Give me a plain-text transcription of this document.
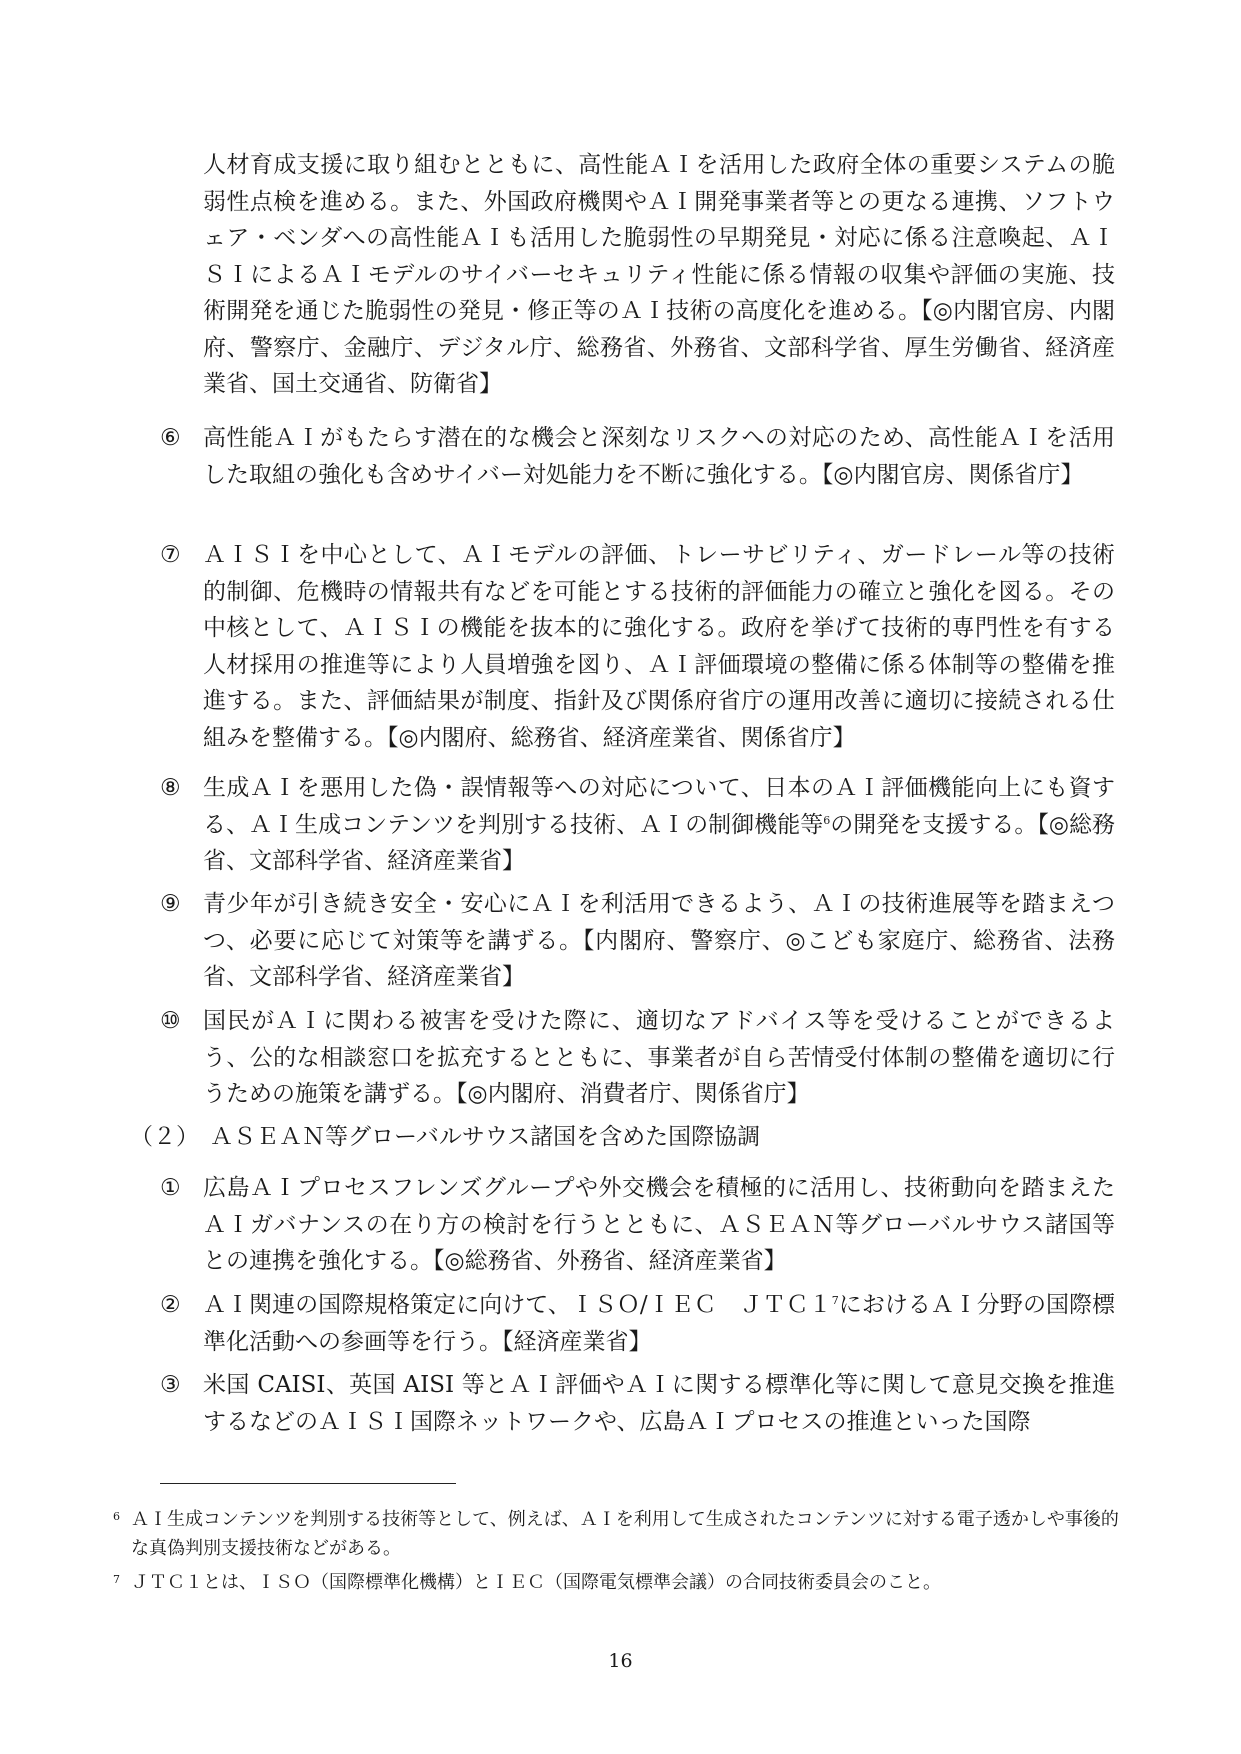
人材育成支援に取り組むとともに、高性能ＡＩを活用した政府全体の重要システムの脆弱性点検を進める。また、外国政府機関やＡＩ開発事業者等との更なる連携、ソフトウェア・ベンダへの高性能ＡＩも活用した脆弱性の早期発見・対応に係る注意喚起、ＡＩＳＩによるＡＩモデルのサイバーセキュリティ性能に係る情報の収集や評価の実施、技術開発を通じた脆弱性の発見・修正等のＡＩ技術の高度化を進める。【◎内閣官房、内閣府、警察庁、金融庁、デジタル庁、総務省、外務省、文部科学省、厚生労働省、経済産業省、国土交通省、防衛省】

⑥ 高性能ＡＩがもたらす潜在的な機会と深刻なリスクへの対応のため、高性能ＡＩを活用した取組の強化も含めサイバー対処能力を不断に強化する。【◎内閣官房、関係省庁】

⑦ ＡＩＳＩを中心として、ＡＩモデルの評価、トレーサビリティ、ガードレール等の技術的制御、危機時の情報共有などを可能とする技術的評価能力の確立と強化を図る。その中核として、ＡＩＳＩの機能を抜本的に強化する。政府を挙げて技術的専門性を有する人材採用の推進等により人員増強を図り、ＡＩ評価環境の整備に係る体制等の整備を推進する。また、評価結果が制度、指針及び関係府省庁の運用改善に適切に接続される仕組みを整備する。【◎内閣府、総務省、経済産業省、関係省庁】

⑧ 生成ＡＩを悪用した偽・誤情報等への対応について、日本のＡＩ評価機能向上にも資する、ＡＩ生成コンテンツを判別する技術、ＡＩの制御機能等$^6$の開発を支援する。【◎総務省、文部科学省、経済産業省】

⑨ 青少年が引き続き安全・安心にＡＩを利活用できるよう、ＡＩの技術進展等を踏まえつつ、必要に応じて対策等を講ずる。【内閣府、警察庁、◎こども家庭庁、総務省、法務省、文部科学省、経済産業省】

⑩ 国民がＡＩに関わる被害を受けた際に、適切なアドバイス等を受けることができるよう、公的な相談窓口を拡充するとともに、事業者が自ら苦情受付体制の整備を適切に行うための施策を講ずる。【◎内閣府、消費者庁、関係省庁】

（２） ＡＳＥＡＮ等グローバルサウス諸国を含めた国際協調
① 広島ＡＩプロセスフレンズグループや外交機会を積極的に活用し、技術動向を踏まえたＡＩガバナンスの在り方の検討を行うとともに、ＡＳＥＡＮ等グローバルサウス諸国等との連携を強化する。【◎総務省、外務省、経済産業省】

② ＡＩ関連の国際規格策定に向けて、ＩＳＯ/ＩＥＣ　ＪＴＣ１$^7$におけるＡＩ分野の国際標準化活動への参画等を行う。【経済産業省】

③ 米国 CAISI、英国 AISI 等とＡＩ評価やＡＩに関する標準化等に関して意見交換を推進するなどのＡＩＳＩ国際ネットワークや、広島ＡＩプロセスの推進といった国際

6 ＡＩ生成コンテンツを判別する技術等として、例えば、ＡＩを利用して生成されたコンテンツに対する電子透かしや事後的な真偽判別支援技術などがある。

7 ＪＴＣ１とは、ＩＳＯ（国際標準化機構）とＩＥＣ（国際電気標準会議）の合同技術委員会のこと。

16
